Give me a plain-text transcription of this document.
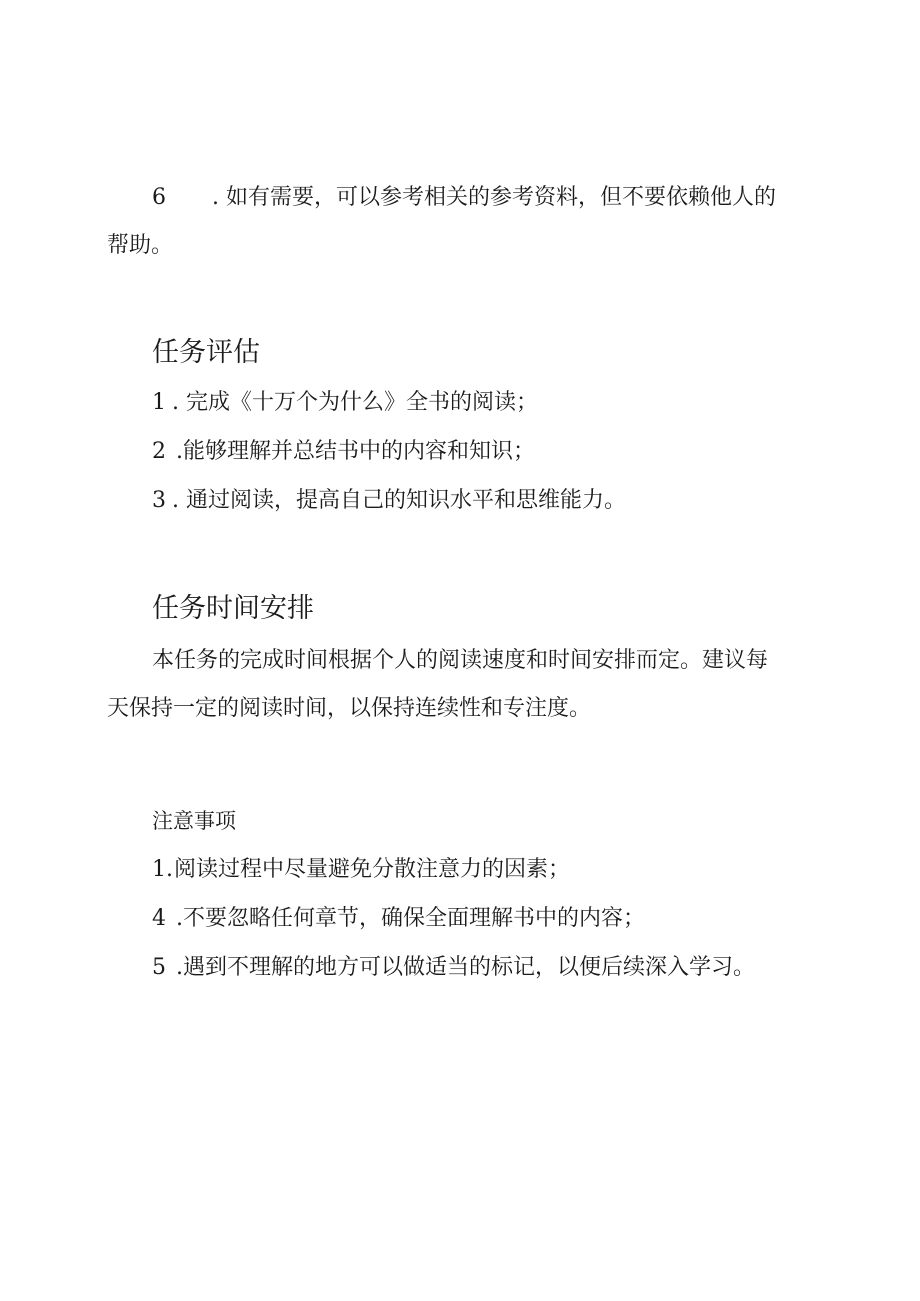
6 . 如有需要，可以参考相关的参考资料，但不要依赖他人的
帮助。
任务评估
1 . 完成《十万个为什么》全书的阅读；
2 .能够理解并总结书中的内容和知识；
3 . 通过阅读，提高自己的知识水平和思维能力。
任务时间安排
本任务的完成时间根据个人的阅读速度和时间安排而定。建议每
天保持一定的阅读时间，以保持连续性和专注度。
注意事项
1.阅读过程中尽量避免分散注意力的因素；
4 .不要忽略任何章节，确保全面理解书中的内容；
5 .遇到不理解的地方可以做适当的标记，以便后续深入学习。
